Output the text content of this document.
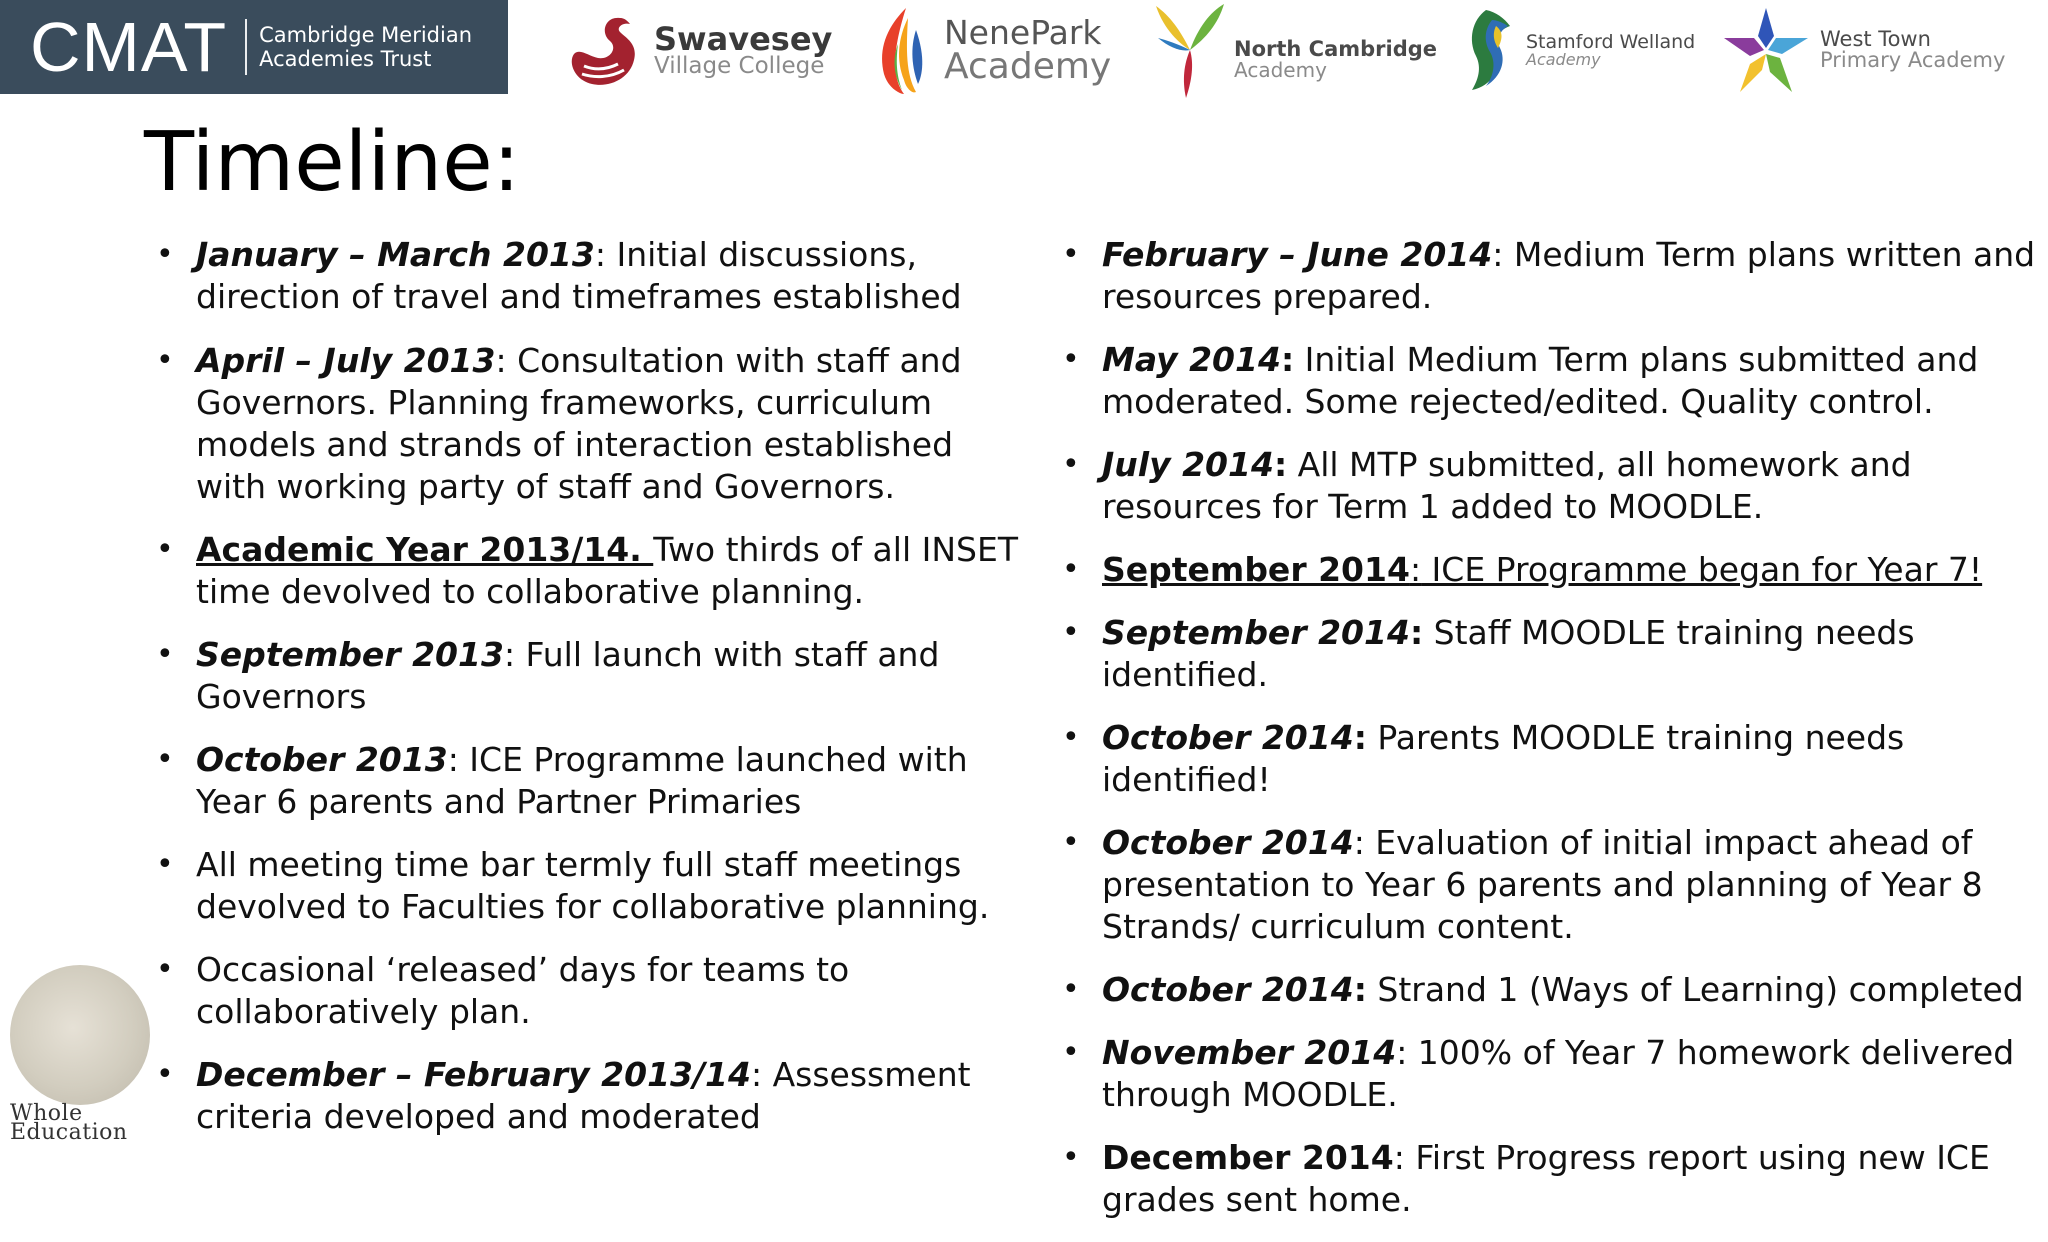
CMAT Cambridge Meridian
Academies Trust
Swavesey
Village College
NenePark
Academy	North Cambridge
Academy
Stamford Welland
Academy
West Town
Primary Academy
Timeline:
• January – March 2013: Initial discussions, direction of travel and timeframes established
• April – July 2013: Consultation with staff and Governors. Planning frameworks, curriculum models and strands of interaction established with working party of staff and Governors.
• Academic Year 2013/14. Two thirds of all INSET time devolved to collaborative planning.
• September 2013: Full launch with staff and Governors
• October 2013: ICE Programme launched with Year 6 parents and Partner Primaries
• All meeting time bar termly full staff meetings devolved to Faculties for collaborative planning.
• Occasional ‘released’ days for teams to collaboratively plan.
• December – February 2013/14: Assessment criteria developed and moderated
• February – June 2014: Medium Term plans written and resources prepared.
• May 2014: Initial Medium Term plans submitted and moderated. Some rejected/edited. Quality control.
• July 2014: All MTP submitted, all homework and resources for Term 1 added to MOODLE.
• September 2014: ICE Programme began for Year 7!
• September 2014: Staff MOODLE training needs identified.
• October 2014: Parents MOODLE training needs identified!
• October 2014: Evaluation of initial impact ahead of presentation to Year 6 parents and planning of Year 8 Strands/ curriculum content.
• October 2014: Strand 1 (Ways of Learning) completed
• November 2014: 100% of Year 7 homework delivered through MOODLE.
• December 2014: First Progress report using new ICE grades sent home.
Whole
Education
